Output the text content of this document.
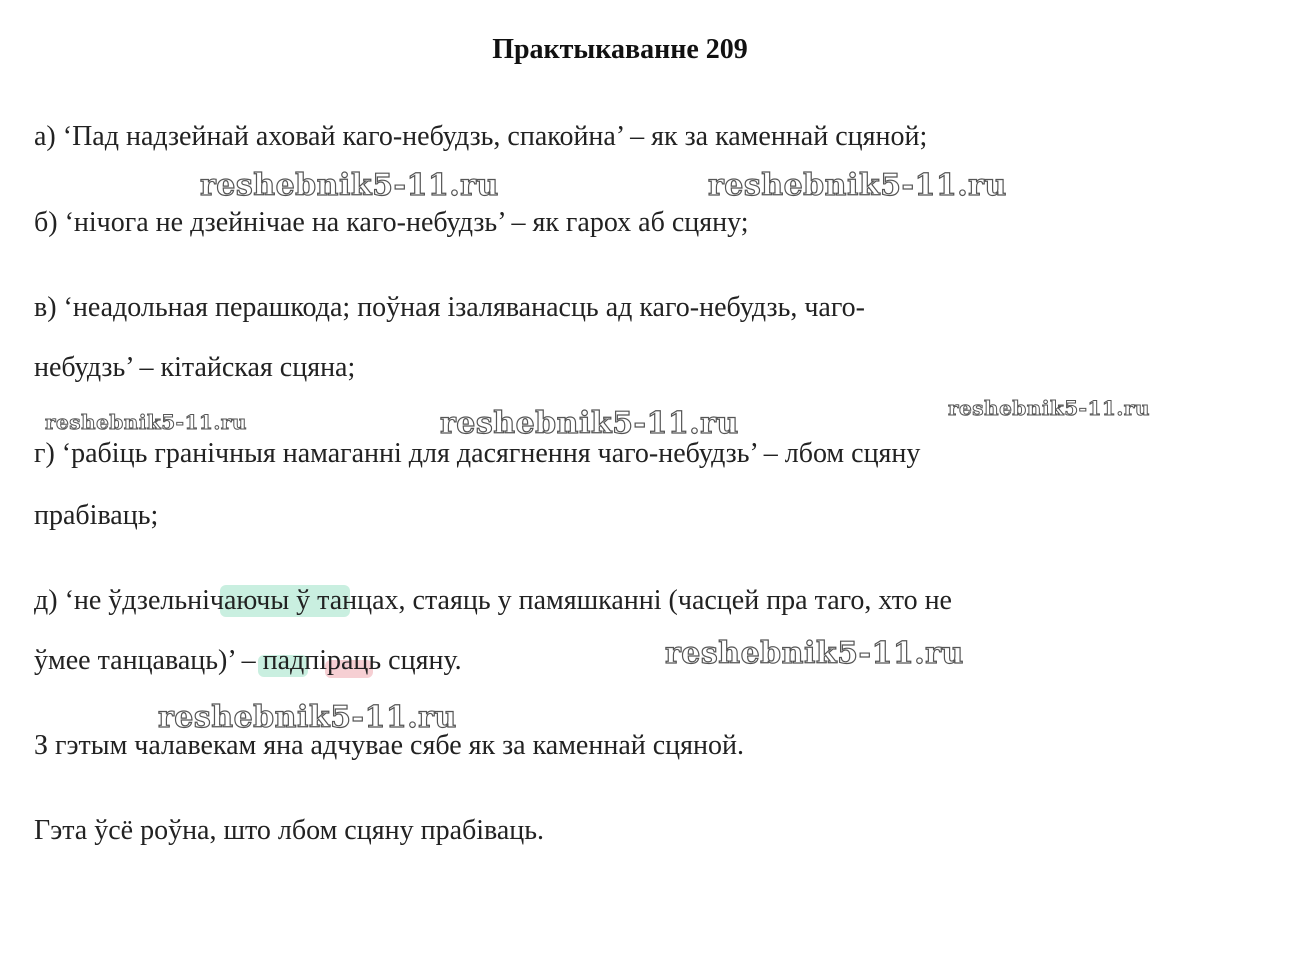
Практыкаванне 209
а) ‘Пад надзейнай аховай каго-небудзь, спакойна’ – як за каменнай сцяной;
б) ‘нічога не дзейнічае на каго-небудзь’ – як гарох аб сцяну;
в) ‘неадольная перашкода; поўная ізаляванасць ад каго-небудзь, чаго-
небудзь’ – кітайская сцяна;
г) ‘рабіць гранічныя намаганні для дасягнення чаго-небудзь’ – лбом сцяну
прабіваць;
д) ‘не ўдзельнічаючы ў танцах, стаяць у памяшканні (часцей пра таго, хто не
ўмее танцаваць)’ – падпіраць сцяну.
З гэтым чалавекам яна адчувае сябе як за каменнай сцяной.
Гэта ўсё роўна, што лбом сцяну прабіваць.
reshebnik5-11.ru	reshebnik5-11.ru
reshebnik5-11.ru	reshebnik5-11.ru	reshebnik5-11.ru
reshebnik5-11.ru
reshebnik5-11.ru
